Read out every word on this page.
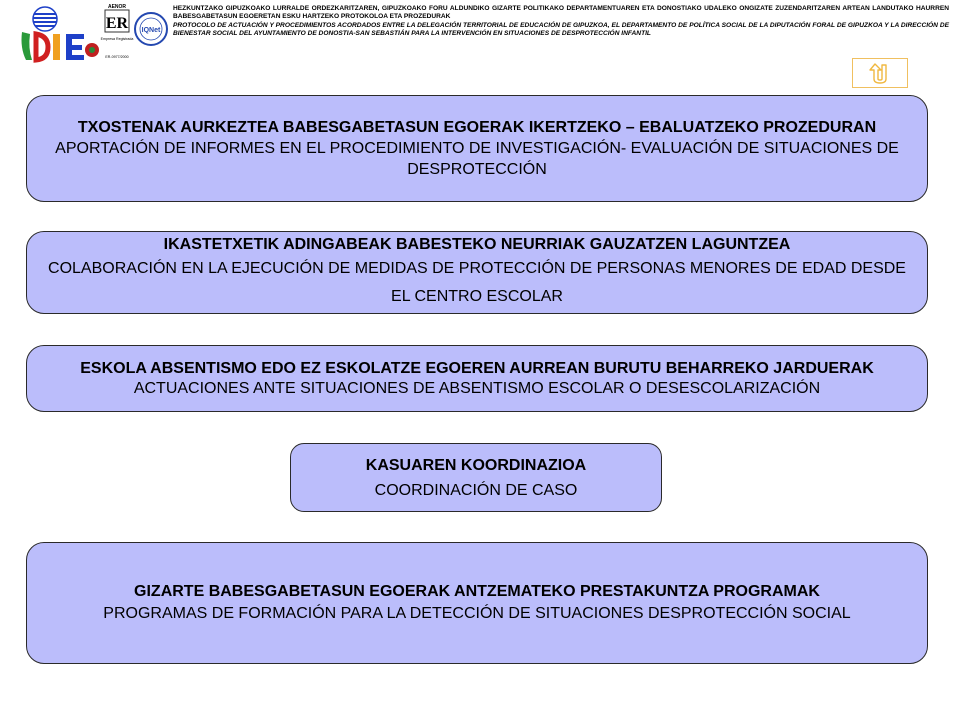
AENOR
ER
Empresa Registrada
ER-0977/2000
IQNet

HEZKUNTZAKO GIPUZKOAKO LURRALDE ORDEZKARITZAREN, GIPUZKOAKO FORU ALDUNDIKO GIZARTE POLITIKAKO DEPARTAMENTUAREN ETA DONOSTIAKO UDALEKO ONGIZATE ZUZENDARITZAREN ARTEAN LANDUTAKO HAURREN BABESGABETASUN EGOERETAN ESKU HARTZEKO PROTOKOLOA ETA PROZEDURAK

PROTOCOLO DE ACTUACIÓN Y PROCEDIMIENTOS ACORDADOS ENTRE LA DELEGACIÓN TERRITORIAL DE EDUCACIÓN DE GIPUZKOA, EL DEPARTAMENTO DE POLÍTICA SOCIAL DE LA DIPUTACIÓN FORAL DE GIPUZKOA Y LA DIRECCIÓN DE BIENESTAR SOCIAL DEL AYUNTAMIENTO DE DONOSTIA-SAN SEBASTIÁN PARA LA INTERVENCIÓN EN SITUACIONES DE DESPROTECCIÓN INFANTIL

TXOSTENAK AURKEZTEA BABESGABETASUN EGOERAK IKERTZEKO – EBALUATZEKO PROZEDURAN
APORTACIÓN DE INFORMES EN EL PROCEDIMIENTO DE INVESTIGACIÓN- EVALUACIÓN DE SITUACIONES DE DESPROTECCIÓN
IKASTETXETIK ADINGABEAK BABESTEKO NEURRIAK GAUZATZEN LAGUNTZEA
COLABORACIÓN EN LA EJECUCIÓN DE MEDIDAS DE PROTECCIÓN DE PERSONAS MENORES DE EDAD DESDE EL CENTRO ESCOLAR
ESKOLA ABSENTISMO EDO EZ ESKOLATZE EGOEREN AURREAN BURUTU BEHARREKO JARDUERAK
ACTUACIONES ANTE SITUACIONES DE ABSENTISMO ESCOLAR O DESESCOLARIZACIÓN
KASUAREN KOORDINAZIOA
COORDINACIÓN DE CASO
GIZARTE BABESGABETASUN EGOERAK ANTZEMATEKO PRESTAKUNTZA PROGRAMAK
PROGRAMAS DE FORMACIÓN PARA LA DETECCIÓN DE SITUACIONES DESPROTECCIÓN SOCIAL
